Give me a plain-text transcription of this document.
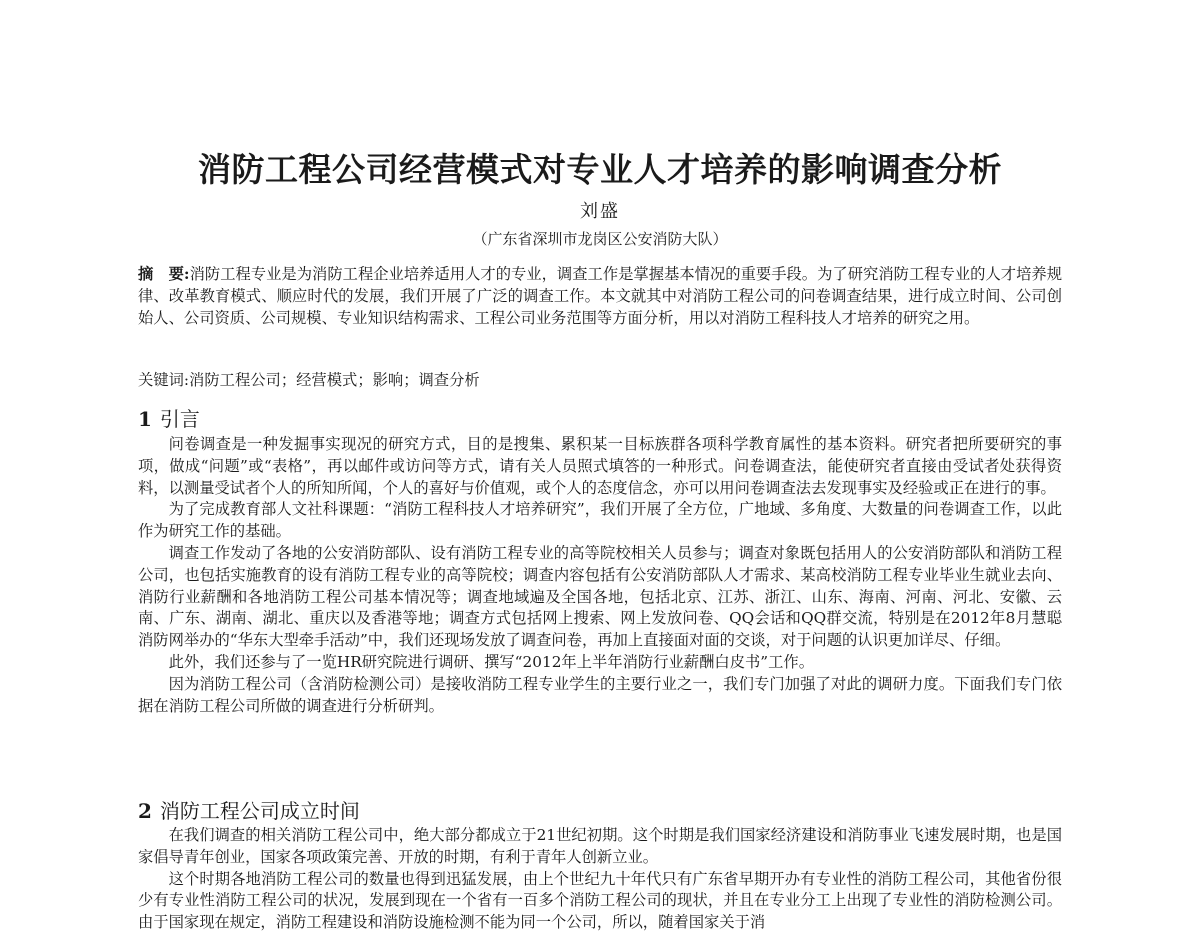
消防工程公司经营模式对专业人才培养的影响调查分析
刘盛
（广东省深圳市龙岗区公安消防大队）
摘　要:消防工程专业是为消防工程企业培养适用人才的专业，调查工作是掌握基本情况的重要手段。为了研究消防工程专业的人才培养规律、改革教育模式、顺应时代的发展，我们开展了广泛的调查工作。本文就其中对消防工程公司的问卷调查结果，进行成立时间、公司创始人、公司资质、公司规模、专业知识结构需求、工程公司业务范围等方面分析，用以对消防工程科技人才培养的研究之用。
关键词:消防工程公司；经营模式；影响；调查分析
1 引言

问卷调查是一种发掘事实现况的研究方式，目的是搜集、累积某一目标族群各项科学教育属性的基本资料。研究者把所要研究的事项，做成“问题”或“表格”，再以邮件或访问等方式，请有关人员照式填答的一种形式。问卷调查法，能使研究者直接由受试者处获得资料，以测量受试者个人的所知所闻，个人的喜好与价值观，或个人的态度信念，亦可以用问卷调查法去发现事实及经验或正在进行的事。

为了完成教育部人文社科课题：“消防工程科技人才培养研究”，我们开展了全方位，广地域、多角度、大数量的问卷调查工作，以此作为研究工作的基础。

调查工作发动了各地的公安消防部队、设有消防工程专业的高等院校相关人员参与；调查对象既包括用人的公安消防部队和消防工程公司，也包括实施教育的设有消防工程专业的高等院校；调查内容包括有公安消防部队人才需求、某高校消防工程专业毕业生就业去向、消防行业薪酬和各地消防工程公司基本情况等；调查地域遍及全国各地，包括北京、江苏、浙江、山东、海南、河南、河北、安徽、云南、广东、湖南、湖北、重庆以及香港等地；调查方式包括网上搜索、网上发放问卷、QQ会话和QQ群交流，特别是在2012年8月慧聪消防网举办的“华东大型牵手活动”中，我们还现场发放了调查问卷，再加上直接面对面的交谈，对于问题的认识更加详尽、仔细。

此外，我们还参与了一览HR研究院进行调研、撰写“2012年上半年消防行业薪酬白皮书”工作。

因为消防工程公司（含消防检测公司）是接收消防工程专业学生的主要行业之一，我们专门加强了对此的调研力度。下面我们专门依据在消防工程公司所做的调查进行分析研判。

2 消防工程公司成立时间

在我们调查的相关消防工程公司中，绝大部分都成立于21世纪初期。这个时期是我们国家经济建设和消防事业飞速发展时期，也是国家倡导青年创业，国家各项政策完善、开放的时期，有利于青年人创新立业。

这个时期各地消防工程公司的数量也得到迅猛发展，由上个世纪九十年代只有广东省早期开办有专业性的消防工程公司，其他省份很少有专业性消防工程公司的状况，发展到现在一个省有一百多个消防工程公司的现状，并且在专业分工上出现了专业性的消防检测公司。由于国家现在规定，消防工程建设和消防设施检测不能为同一个公司，所以，随着国家关于消
